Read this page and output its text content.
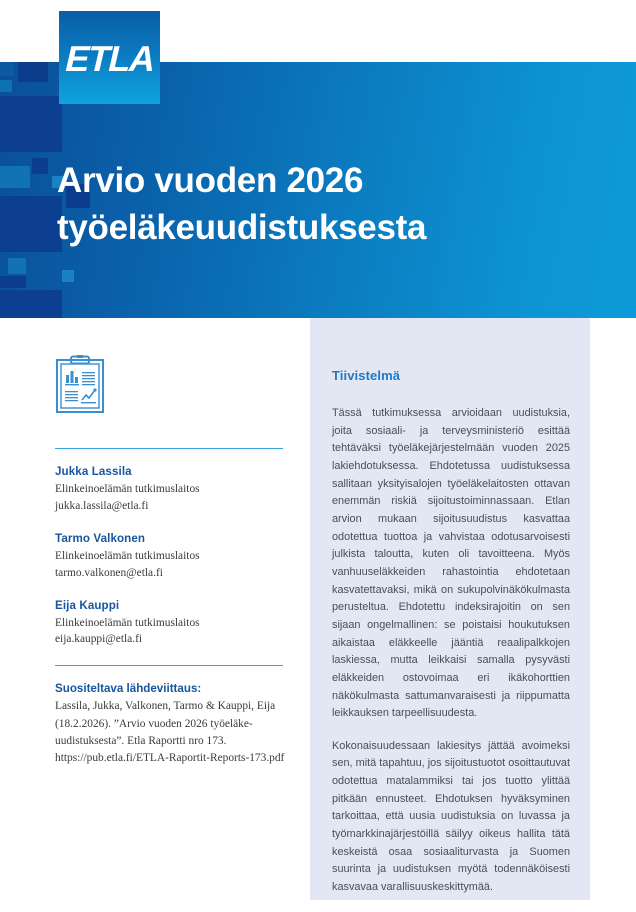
ETLA
Arvio vuoden 2026
työeläkeuudistuksesta
Jukka Lassila
Elinkeinoelämän tutkimuslaitos
jukka.lassila@etla.fi
Tarmo Valkonen
Elinkeinoelämän tutkimuslaitos
tarmo.valkonen@etla.fi
Eija Kauppi
Elinkeinoelämän tutkimuslaitos
eija.kauppi@etla.fi
Suositeltava lähdeviittaus:
Lassila, Jukka, Valkonen, Tarmo & Kauppi, Eija (18.2.2026). ”Arvio vuoden 2026 työeläke-uudistuksesta”. Etla Raportti nro 173. https://pub.etla.fi/ETLA-Raportit-Reports-173.pdf
Tiivistelmä

Tässä tutkimuksessa arvioidaan uudistuksia, joita sosiaali- ja terveysministeriö esittää tehtäväksi työeläkejärjestelmään vuoden 2025 lakiehdotuksessa. Ehdotetussa uudistuksessa sallitaan yksityisalojen työeläkelaitosten ottavan enemmän riskiä sijoitustoiminnassaan. Etlan arvion mukaan sijoitusuudistus kasvattaa odotettua tuottoa ja vahvistaa odotusarvoisesti julkista taloutta, kuten oli tavoitteena. Myös vanhuuseläkkeiden rahastointia ehdotetaan kasvatettavaksi, mikä on sukupolvinäkökulmasta perusteltua. Ehdotettu indeksirajoitin on sen sijaan ongelmallinen: se poistaisi houkutuksen aikaistaa eläkkeelle jääntiä reaalipalkkojen laskiessa, mutta leikkaisi samalla pysyvästi eläkkeiden ostovoimaa eri ikäkohorttien näkökulmasta sattumanvaraisesti ja riippumatta leikkauksen tarpeellisuudesta.

Kokonaisuudessaan lakiesitys jättää avoimeksi sen, mitä tapahtuu, jos sijoitustuotot osoittautuvat odotettua matalammiksi tai jos tuotto ylittää pitkään ennusteet. Ehdotuksen hyväksyminen tarkoittaa, että uusia uudistuksia on luvassa ja työmarkkinajärjestöillä säilyy oikeus hallita tätä keskeistä osaa sosiaaliturvasta ja Suomen suurinta ja uudistuksen myötä todennäköisesti kasvavaa varallisuuskeskittymää.
